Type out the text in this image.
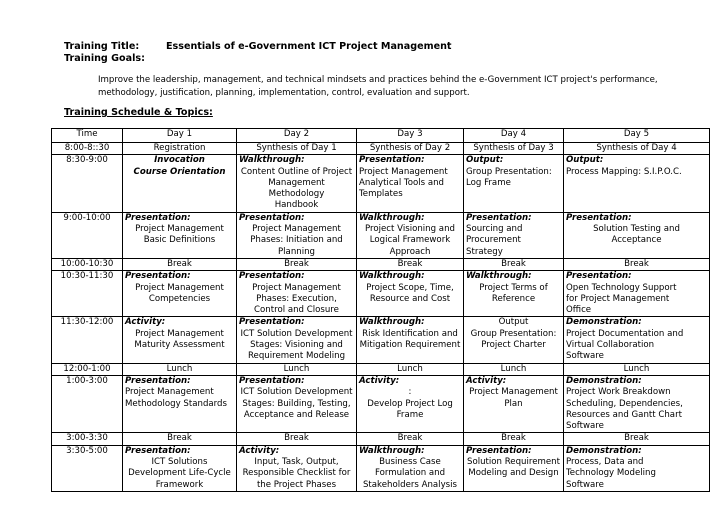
Training Title:	Essentials of e-Government ICT Project Management
Training Goals:
Improve the leadership, management, and technical mindsets and practices behind the e-Government ICT project's performance, methodology, justification, planning, implementation, control, evaluation and support.
Training Schedule & Topics:
Time	Day 1	Day 2	Day 3	Day 4	Day 5
8:00-8::30	Registration	Synthesis of Day 1	Synthesis of Day 2	Synthesis of Day 3	Synthesis of Day 4

8:30-9:00	Invocation
Course Orientation	Walkthrough:
Content Outline of Project
Management Methodology
Handbook	Presentation:
Project Management
Analytical Tools and
Templates	Output:
Group Presentation:
Log Frame	Output:
Process Mapping: S.I.P.O.C.

9:00-10:00	Presentation:
Project Management
Basic Definitions	Presentation:
Project Management
Phases: Initiation and
Planning	Walkthrough:
Project Visioning and
Logical Framework
Approach	Presentation:
Sourcing and
Procurement
Strategy	Presentation:
Solution Testing and
Acceptance

10:00-10:30	Break	Break	Break	Break	Break

10:30-11:30	Presentation:
Project Management
Competencies	Presentation:
Project Management
Phases: Execution,
Control and Closure	Walkthrough:
Project Scope, Time,
Resource and Cost	Walkthrough:
Project Terms of
Reference	Presentation:
Open Technology Support
for Project Management
Office

11:30-12:00	Activity:
Project Management
Maturity Assessment	Presentation:
ICT Solution Development
Stages: Visioning and
Requirement Modeling	Walkthrough:
Risk Identification and
Mitigation Requirement	Output
Group Presentation:
Project Charter	Demonstration:
Project Documentation and
Virtual Collaboration
Software

12:00-1:00	Lunch	Lunch	Lunch	Lunch	Lunch

1:00-3:00	Presentation:
Project Management
Methodology Standards	Presentation:
ICT Solution Development
Stages: Building, Testing,
Acceptance and Release	Activity:
:
Develop Project Log
Frame	Activity:
Project Management
Plan	Demonstration:
Project Work Breakdown
Scheduling, Dependencies,
Resources and Gantt Chart
Software

3:00-3:30	Break	Break	Break	Break	Break

3:30-5:00	Presentation:
ICT Solutions
Development Life-Cycle
Framework	Activity:
Input, Task, Output,
Responsible Checklist for
the Project Phases	Walkthrough:
Business Case
Formulation and
Stakeholders Analysis	Presentation:
Solution Requirement
Modeling and Design	Demonstration:
Process, Data and
Technology Modeling
Software
